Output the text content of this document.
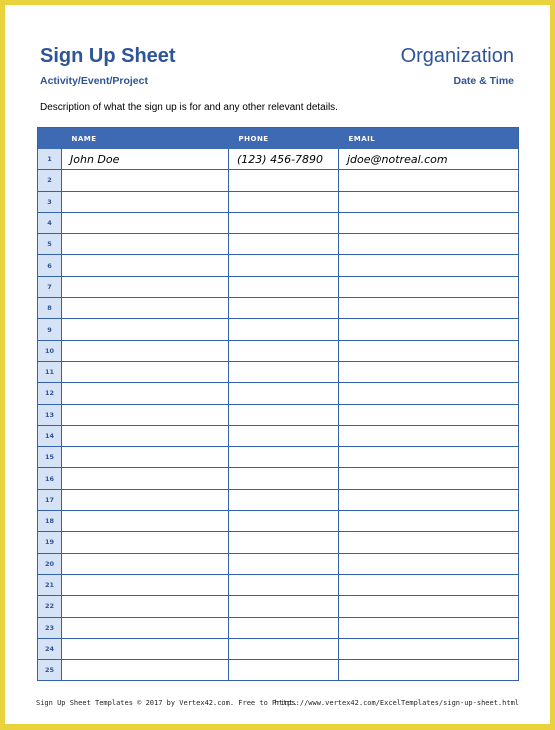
Sign Up Sheet	Organization
Activity/Event/Project	Date & Time
Description of what the sign up is for and any other relevant details.
	NAME	PHONE	EMAIL
1	John Doe	(123) 456-7890	jdoe@notreal.com
2			
3			
4			
5			
6			
7			
8			
9			
10			
11			
12			
13			
14			
15			
16			
17			
18			
19			
20			
21			
22			
23			
24			
25			
Sign Up Sheet Templates © 2017 by Vertex42.com. Free to Print.
https://www.vertex42.com/ExcelTemplates/sign-up-sheet.html
